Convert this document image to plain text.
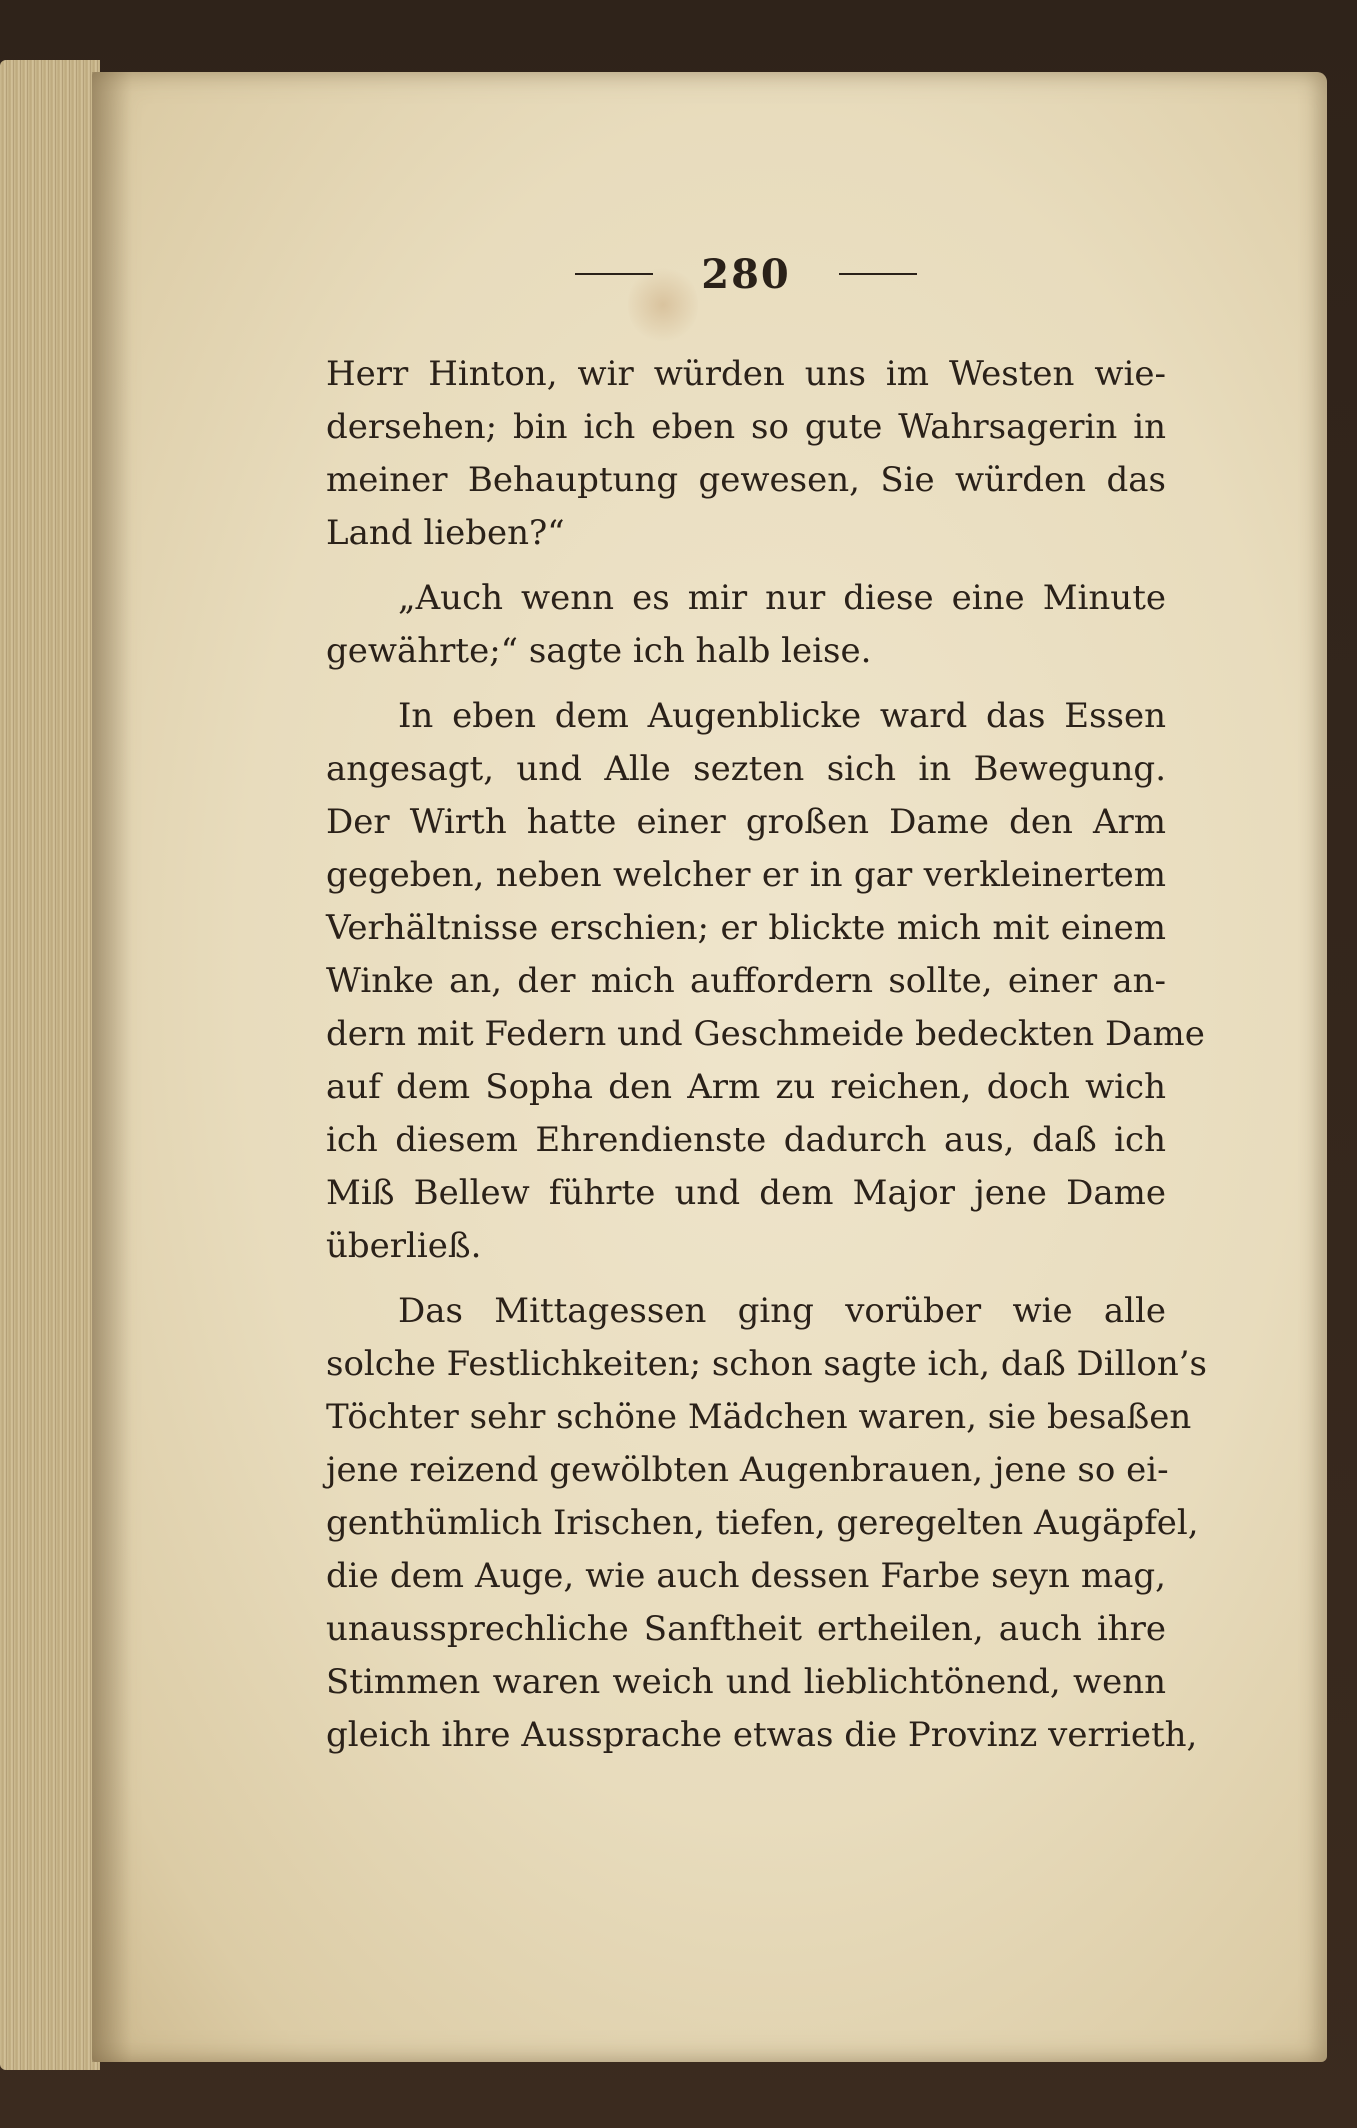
280
Herr Hinton, wir würden uns im Westen wie-
dersehen; bin ich eben so gute Wahrsagerin in
meiner Behauptung gewesen, Sie würden das
Land lieben?“
„Auch wenn es mir nur diese eine Minute
gewährte;“ sagte ich halb leise.
In eben dem Augenblicke ward das Essen
angesagt, und Alle sezten sich in Bewegung.
Der Wirth hatte einer großen Dame den Arm
gegeben, neben welcher er in gar verkleinertem
Verhältnisse erschien; er blickte mich mit einem
Winke an, der mich auffordern sollte, einer an-
dern mit Federn und Geschmeide bedeckten Dame
auf dem Sopha den Arm zu reichen, doch wich
ich diesem Ehrendienste dadurch aus, daß ich
Miß Bellew führte und dem Major jene Dame
überließ.
Das Mittagessen ging vorüber wie alle
solche Festlichkeiten; schon sagte ich, daß Dillon’s
Töchter sehr schöne Mädchen waren, sie besaßen
jene reizend gewölbten Augenbrauen, jene so ei-
genthümlich Irischen, tiefen, geregelten Augäpfel,
die dem Auge, wie auch dessen Farbe seyn mag,
unaussprechliche Sanftheit ertheilen, auch ihre
Stimmen waren weich und lieblichtönend, wenn
gleich ihre Aussprache etwas die Provinz verrieth,
